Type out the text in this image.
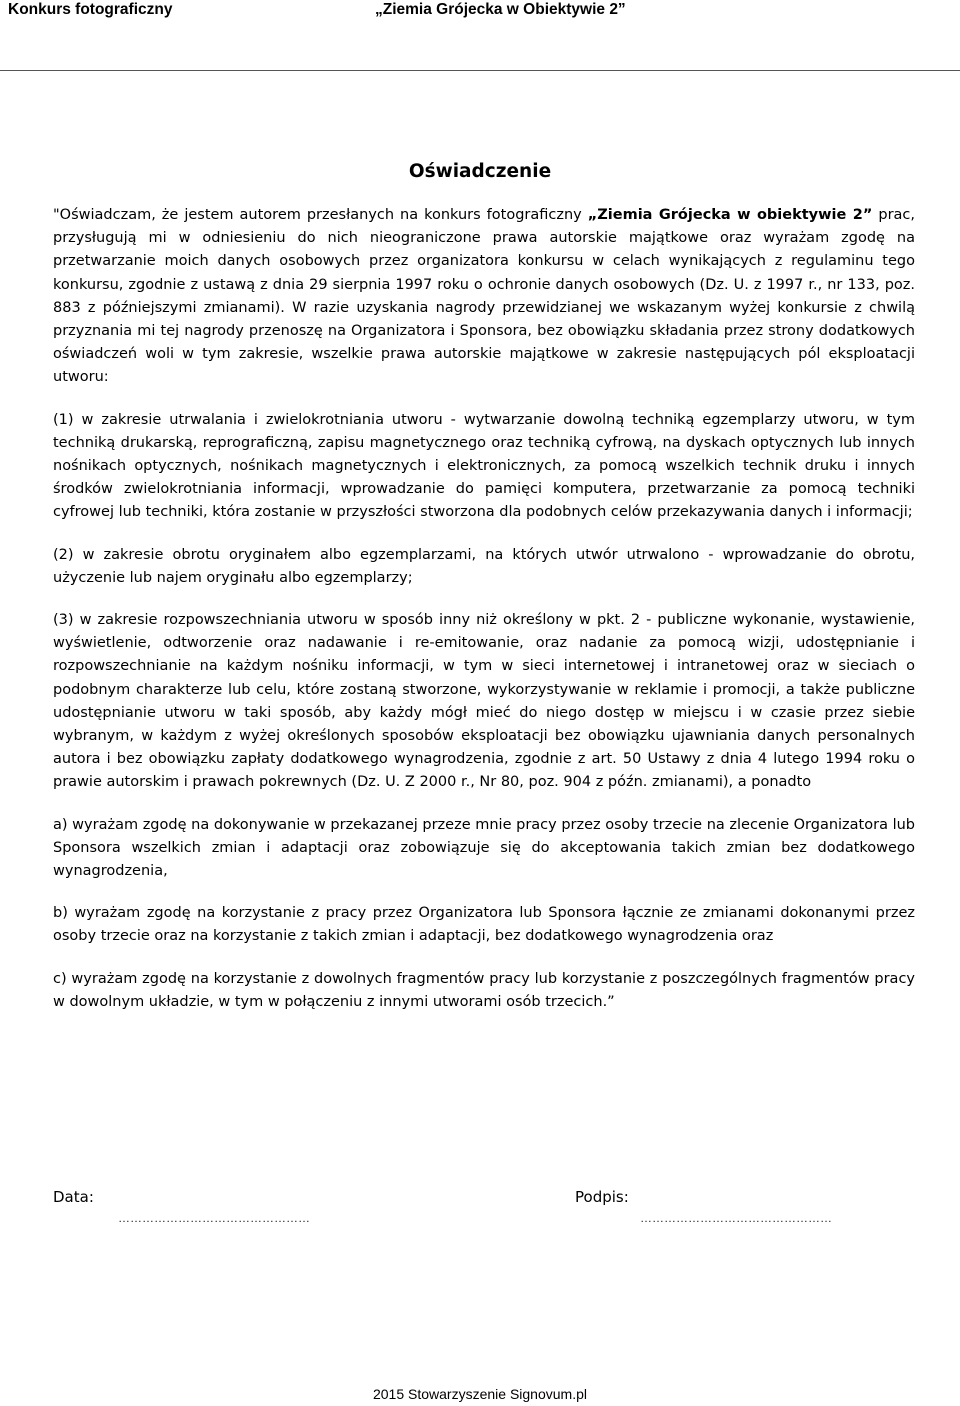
Konkurs fotograficzny	„Ziemia Grójecka w Obiektywie 2”
Oświadczenie

"Oświadczam, że jestem autorem przesłanych na konkurs fotograficzny „Ziemia Grójecka w obiektywie 2” prac, przysługują mi w odniesieniu do nich nieograniczone prawa autorskie majątkowe oraz wyrażam zgodę na przetwarzanie moich danych osobowych przez organizatora konkursu w celach wynikających z regulaminu tego konkursu, zgodnie z ustawą z dnia 29 sierpnia 1997 roku o ochronie danych osobowych (Dz. U. z 1997 r., nr 133, poz. 883 z późniejszymi zmianami). W razie uzyskania nagrody przewidzianej we wskazanym wyżej konkursie z chwilą przyznania mi tej nagrody przenoszę na Organizatora i Sponsora, bez obowiązku składania przez strony dodatkowych oświadczeń woli w tym zakresie, wszelkie prawa autorskie majątkowe w zakresie następujących pól eksploatacji utworu:

(1) w zakresie utrwalania i zwielokrotniania utworu - wytwarzanie dowolną techniką egzemplarzy utworu, w tym techniką drukarską, reprograficzną, zapisu magnetycznego oraz techniką cyfrową, na dyskach optycznych lub innych nośnikach optycznych, nośnikach magnetycznych i elektronicznych, za pomocą wszelkich technik druku i innych środków zwielokrotniania informacji, wprowadzanie do pamięci komputera, przetwarzanie za pomocą techniki cyfrowej lub techniki, która zostanie w przyszłości stworzona dla podobnych celów przekazywania danych i informacji;

(2) w zakresie obrotu oryginałem albo egzemplarzami, na których utwór utrwalono - wprowadzanie do obrotu, użyczenie lub najem oryginału albo egzemplarzy;

(3) w zakresie rozpowszechniania utworu w sposób inny niż określony w pkt. 2 - publiczne wykonanie, wystawienie, wyświetlenie, odtworzenie oraz nadawanie i re-emitowanie, oraz nadanie za pomocą wizji, udostępnianie i rozpowszechnianie na każdym nośniku informacji, w tym w sieci internetowej i intranetowej oraz w sieciach o podobnym charakterze lub celu, które zostaną stworzone, wykorzystywanie w reklamie i promocji, a także publiczne udostępnianie utworu w taki sposób, aby każdy mógł mieć do niego dostęp w miejscu i w czasie przez siebie wybranym, w każdym z wyżej określonych sposobów eksploatacji bez obowiązku ujawniania danych personalnych autora i bez obowiązku zapłaty dodatkowego wynagrodzenia, zgodnie z art. 50 Ustawy z dnia 4 lutego 1994 roku o prawie autorskim i prawach pokrewnych (Dz. U. Z 2000 r., Nr 80, poz. 904 z późn. zmianami), a ponadto

a) wyrażam zgodę na dokonywanie w przekazanej przeze mnie pracy przez osoby trzecie na zlecenie Organizatora lub Sponsora wszelkich zmian i adaptacji oraz zobowiązuje się do akceptowania takich zmian bez dodatkowego wynagrodzenia,

b) wyrażam zgodę na korzystanie z pracy przez Organizatora lub Sponsora łącznie ze zmianami dokonanymi przez osoby trzecie oraz na korzystanie z takich zmian i adaptacji, bez dodatkowego wynagrodzenia oraz

c) wyrażam zgodę na korzystanie z dowolnych fragmentów pracy lub korzystanie z poszczególnych fragmentów pracy w dowolnym układzie, w tym w połączeniu z innymi utworami osób trzecich.”

Data:	Podpis:
…………………………………………	…………………………………………
2015 Stowarzyszenie Signovum.pl
